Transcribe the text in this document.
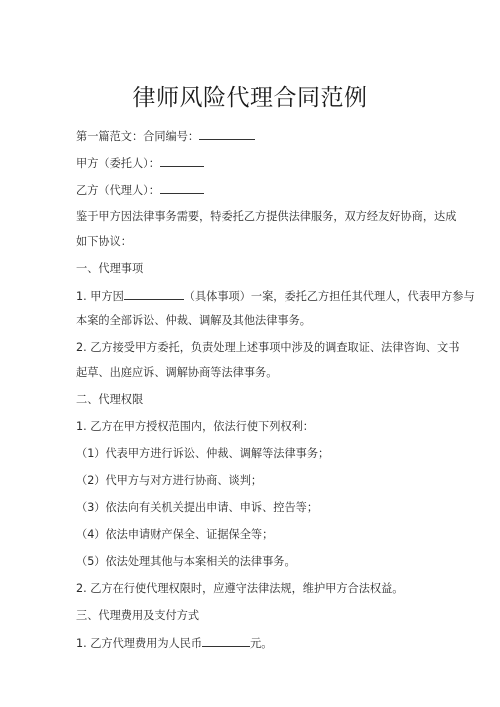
律师风险代理合同范例
第一篇范文：合同编号：
甲方（委托人）：
乙方（代理人）：
鉴于甲方因法律事务需要，特委托乙方提供法律服务，双方经友好协商，达成
如下协议：
一、代理事项
1. 甲方因	（具体事项）一案，委托乙方担任其代理人，代表甲方参与
本案的全部诉讼、仲裁、调解及其他法律事务。
2. 乙方接受甲方委托，负责处理上述事项中涉及的调查取证、法律咨询、文书
起草、出庭应诉、调解协商等法律事务。
二、代理权限
1. 乙方在甲方授权范围内，依法行使下列权利：
（1）代表甲方进行诉讼、仲裁、调解等法律事务；
（2）代甲方与对方进行协商、谈判；
（3）依法向有关机关提出申请、申诉、控告等；
（4）依法申请财产保全、证据保全等；
（5）依法处理其他与本案相关的法律事务。
2. 乙方在行使代理权限时，应遵守法律法规，维护甲方合法权益。
三、代理费用及支付方式
1. 乙方代理费用为人民币	元。
